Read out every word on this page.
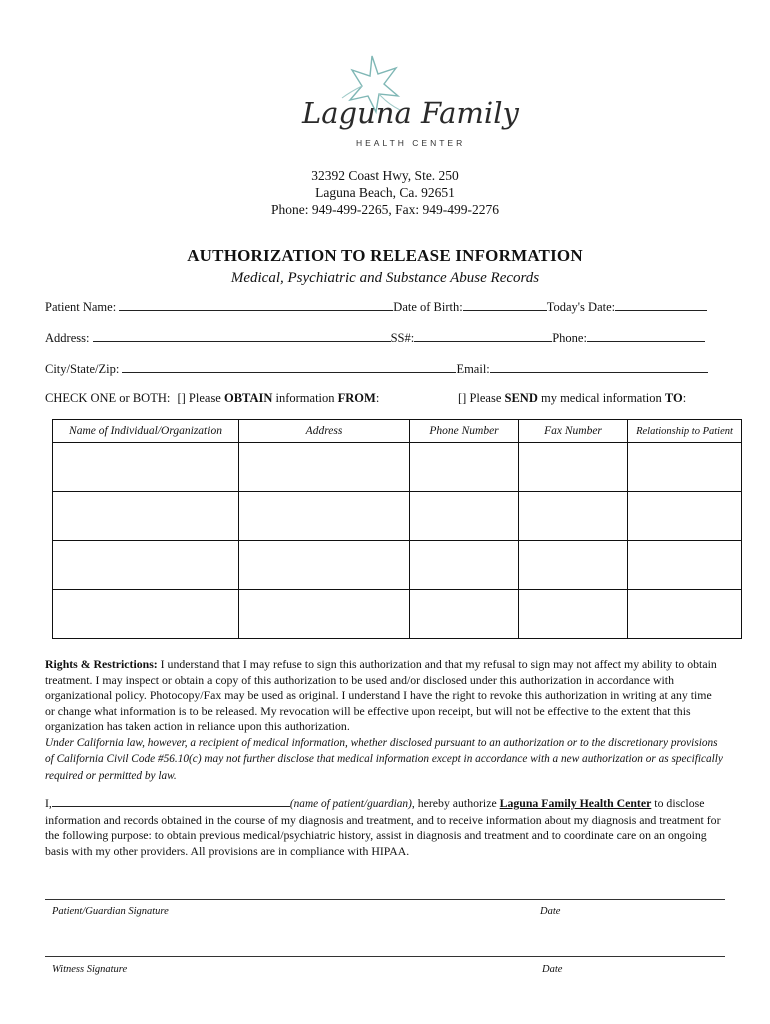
Laguna Family
HEALTH CENTER
32392 Coast Hwy, Ste. 250
Laguna Beach, Ca. 92651
Phone: 949-499-2265, Fax: 949-499-2276
AUTHORIZATION TO RELEASE INFORMATION
Medical, Psychiatric and Substance Abuse Records
Patient Name:	Date of Birth:	Today's Date:
Address:	SS#:	Phone:
City/State/Zip:	Email:
CHECK ONE or BOTH: [] Please OBTAIN information FROM:	[] Please SEND my medical information TO:
Name of Individual/Organization	Address	Phone Number	Fax Number	Relationship to Patient

Rights & Restrictions: I understand that I may refuse to sign this authorization and that my refusal to sign may not affect my ability to obtain treatment. I may inspect or obtain a copy of this authorization to be used and/or disclosed under this authorization in accordance with organizational policy. Photocopy/Fax may be used as original. I understand I have the right to revoke this authorization in writing at any time or change what information is to be released. My revocation will be effective upon receipt, but will not be effective to the extent that this organization has taken action in reliance upon this authorization.
Under California law, however, a recipient of medical information, whether disclosed pursuant to an authorization or to the discretionary provisions of California Civil Code #56.10(c) may not further disclose that medical information except in accordance with a new authorization or as specifically required or permitted by law.
I,	(name of patient/guardian), hereby authorize Laguna Family Health Center to disclose information and records obtained in the course of my diagnosis and treatment, and to receive information about my diagnosis and treatment for the following purpose: to obtain previous medical/psychiatric history, assist in diagnosis and treatment and to coordinate care on an ongoing basis with my other providers. All provisions are in compliance with HIPAA.
Patient/Guardian Signature	Date
Witness Signature	Date
